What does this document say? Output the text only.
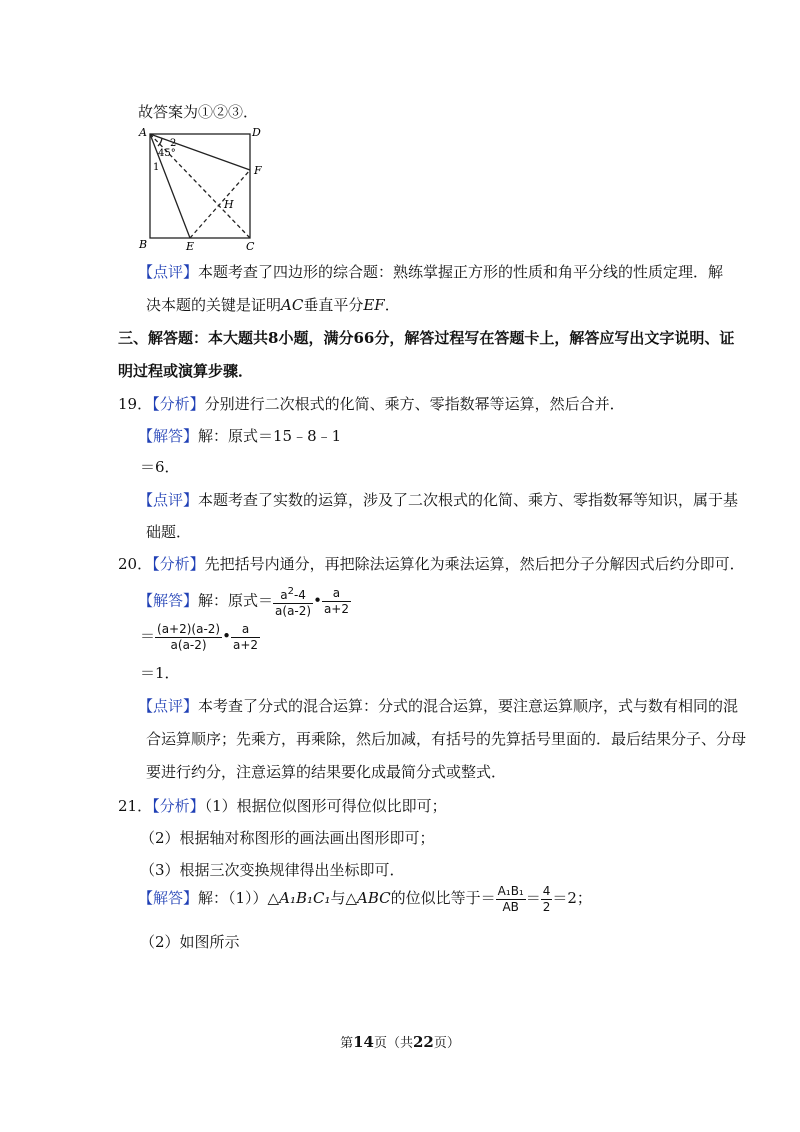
故答案为①②③．
A	D
B	C
E
F
H
45°
1
2
【点评】本题考查了四边形的综合题：熟练掌握正方形的性质和角平分线的性质定理．解
决本题的关键是证明AC垂直平分EF．
三、解答题：本大题共8小题，满分66分，解答过程写在答题卡上，解答应写出文字说明、证
明过程或演算步骤．
19．【分析】分别进行二次根式的化简、乘方、零指数幂等运算，然后合并．
【解答】解：原式＝15﹣8﹣1
＝6．
【点评】本题考查了实数的运算，涉及了二次根式的化简、乘方、零指数幂等知识，属于基
础题．
20．【分析】先把括号内通分，再把除法运算化为乘法运算，然后把分子分解因式后约分即可．
【解答】解：原式＝ $\frac{a^2-4}{a(a-2)}$ • $\frac{a}{a+2}$
＝ $\frac{(a+2)(a-2)}{a(a-2)}$ • $\frac{a}{a+2}$
＝1．
【点评】本考查了分式的混合运算：分式的混合运算，要注意运算顺序，式与数有相同的混
合运算顺序；先乘方，再乘除，然后加减，有括号的先算括号里面的．最后结果分子、分母
要进行约分，注意运算的结果要化成最简分式或整式．
21．【分析】（1）根据位似图形可得位似比即可；
（2）根据轴对称图形的画法画出图形即可；
（3）根据三次变换规律得出坐标即可．
【解答】解：（1））△A₁B₁C₁与△ABC的位似比等于＝ $\frac{\text{A₁B₁}}{AB} = \frac{4}{2} =2$；
（2）如图所示
第14页（共22页）
